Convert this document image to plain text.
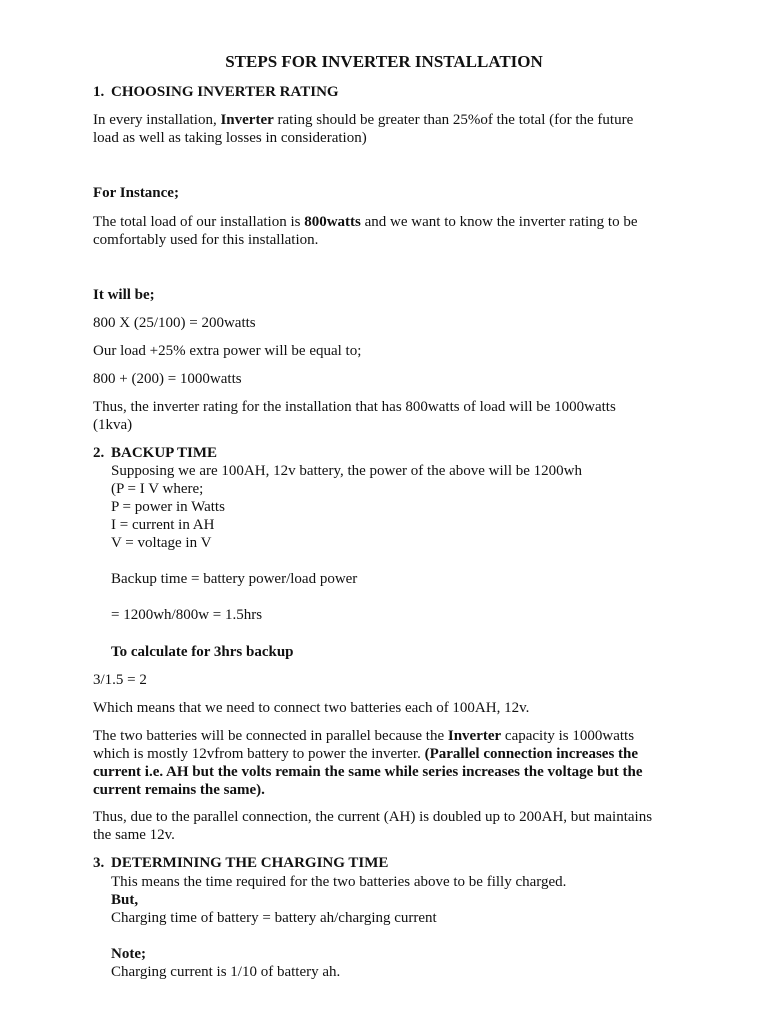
STEPS FOR INVERTER INSTALLATION

1. CHOOSING INVERTER RATING

In every installation, Inverter rating should be greater than 25%of the total (for the future

load as well as taking losses in consideration)

For Instance;

The total load of our installation is 800watts and we want to know the inverter rating to be

comfortably used for this installation.

It will be;

800 X (25/100) = 200watts

Our load +25% extra power will be equal to;

800 + (200) = 1000watts

Thus, the inverter rating for the installation that has 800watts of load will be 1000watts

(1kva)

2. BACKUP TIME

Supposing we are 100AH, 12v battery, the power of the above will be 1200wh

(P = I V where;

P = power in Watts

I = current in AH

V = voltage in V

Backup time = battery power/load power

= 1200wh/800w = 1.5hrs

To calculate for 3hrs backup

3/1.5 = 2

Which means that we need to connect two batteries each of 100AH, 12v.

The two batteries will be connected in parallel because the Inverter capacity is 1000watts

which is mostly 12vfrom battery to power the inverter. (Parallel connection increases the

current i.e. AH but the volts remain the same while series increases the voltage but the

current remains the same).

Thus, due to the parallel connection, the current (AH) is doubled up to 200AH, but maintains

the same 12v.

3. DETERMINING THE CHARGING TIME

This means the time required for the two batteries above to be filly charged.

But,

Charging time of battery = battery ah/charging current

Note;

Charging current is 1/10 of battery ah.
